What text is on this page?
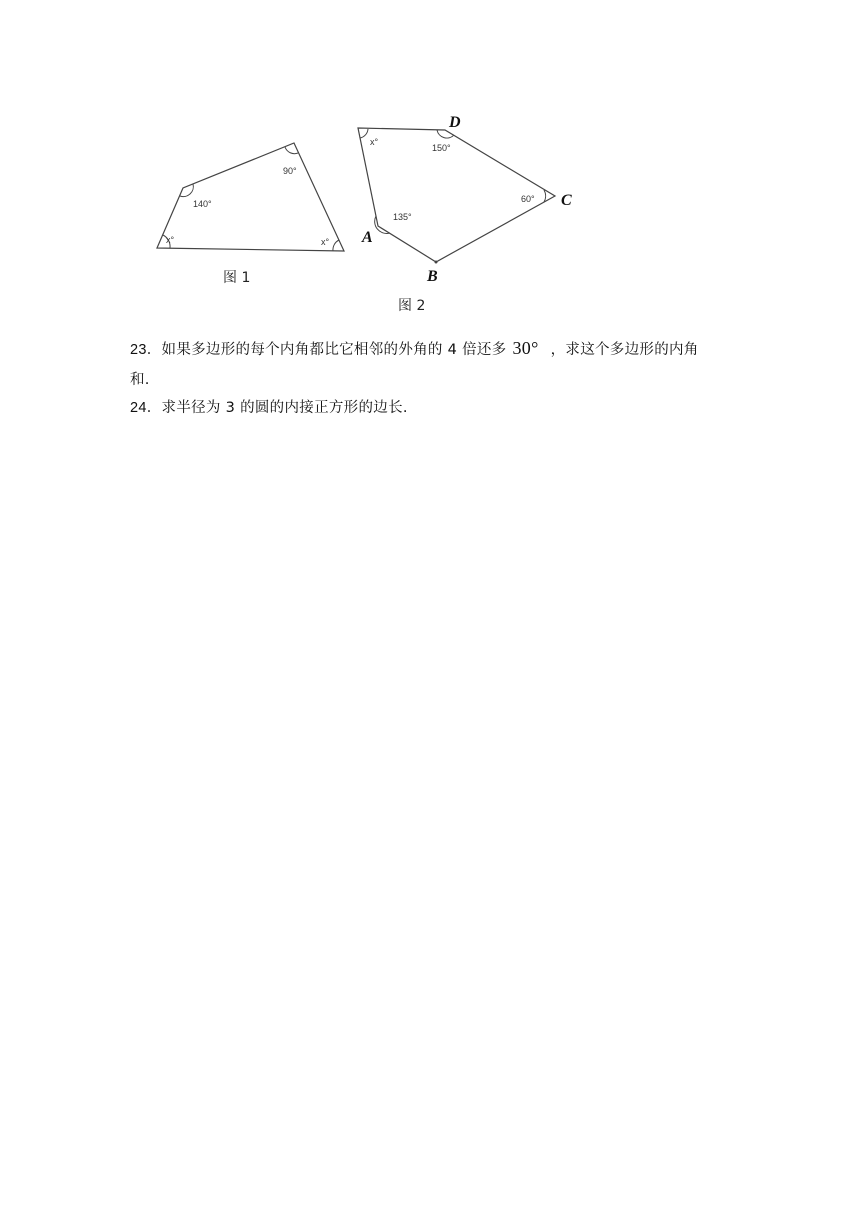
140°
90°
x°	x°
图 1
x°
150°
60°
135°
D
C
A
B
图 2
23．如果多边形的每个内角都比它相邻的外角的 4 倍还多 30° ，求这个多边形的内角
和.
24．求半径为 3 的圆的内接正方形的边长.
